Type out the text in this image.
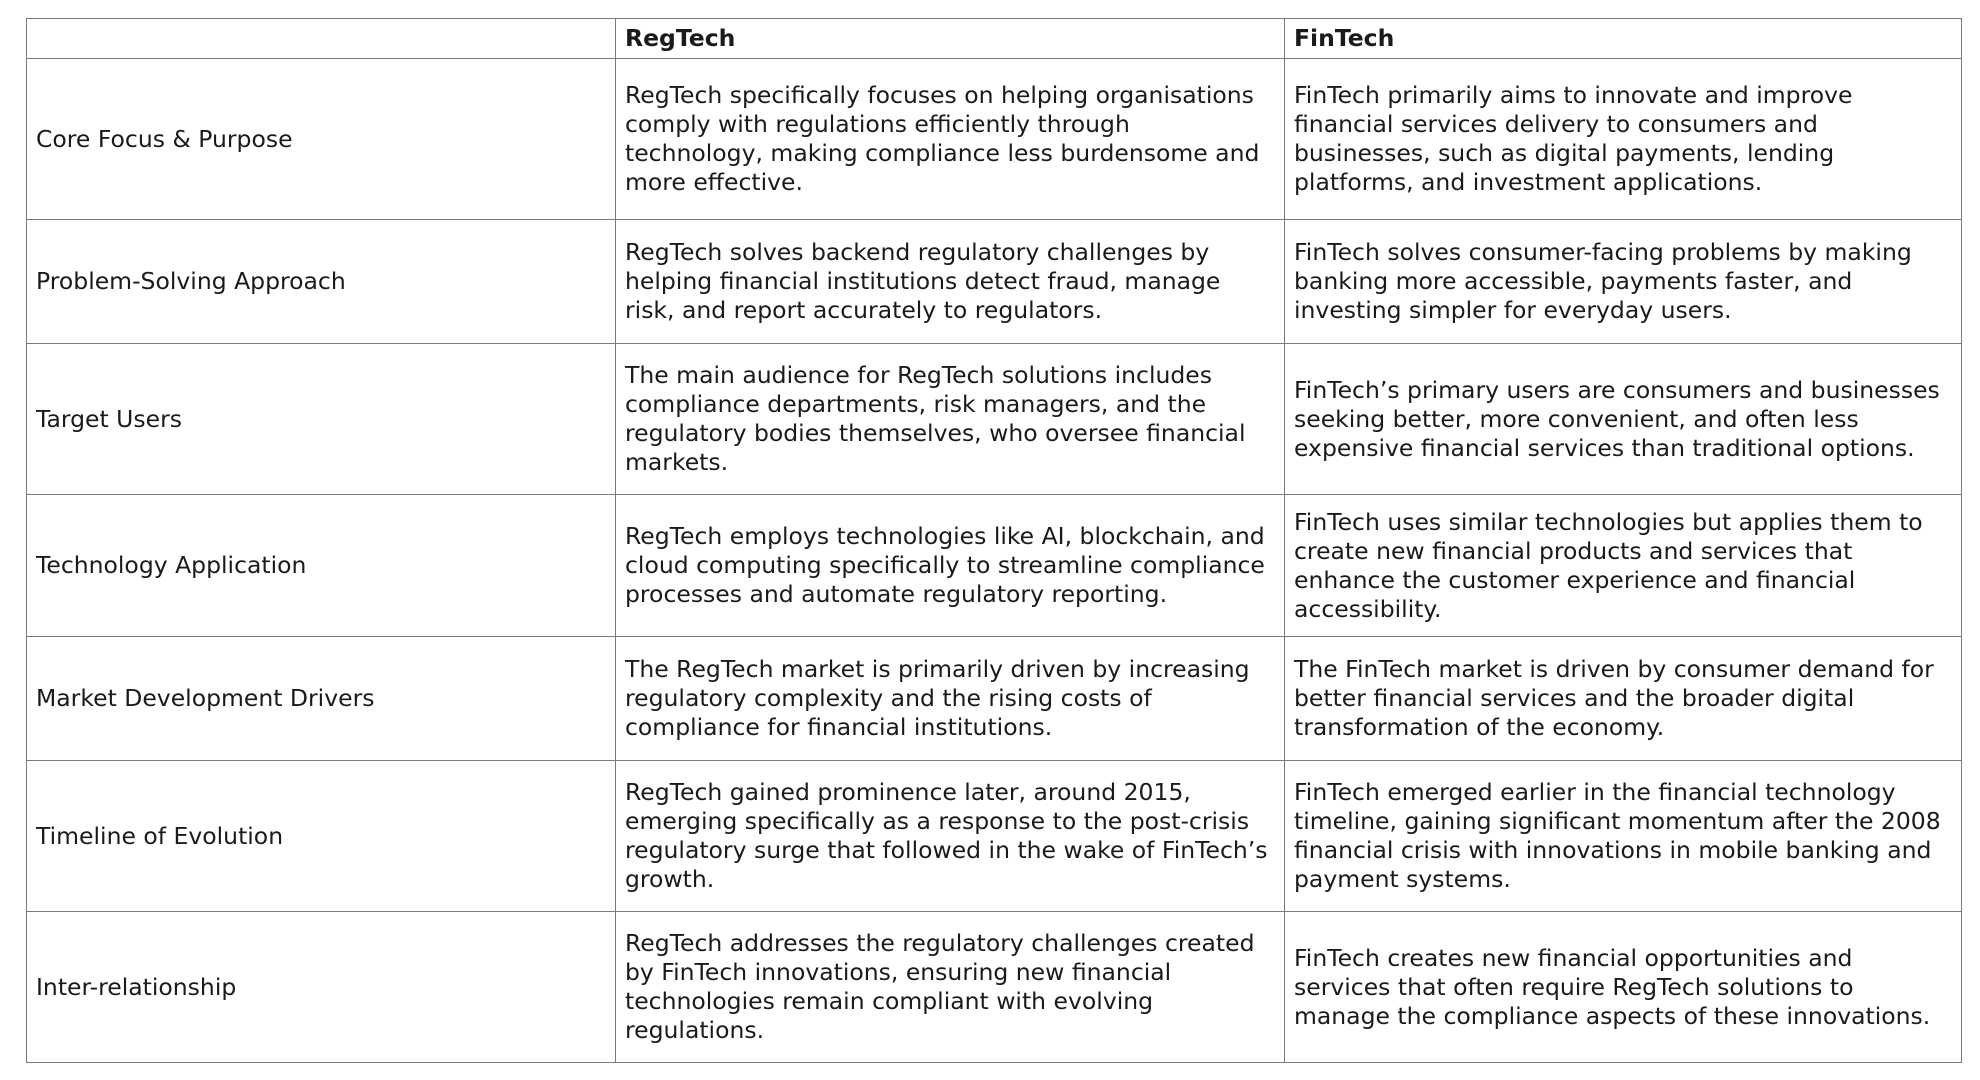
	RegTech	FinTech
Core Focus & Purpose	RegTech specifically focuses on helping organisations comply with regulations efficiently through technology, making compliance less burdensome and more effective.	FinTech primarily aims to innovate and improve financial services delivery to consumers and businesses, such as digital payments, lending platforms, and investment applications.
Problem-Solving Approach	RegTech solves backend regulatory challenges by helping financial institutions detect fraud, manage risk, and report accurately to regulators.	FinTech solves consumer-facing problems by making banking more accessible, payments faster, and investing simpler for everyday users.
Target Users	The main audience for RegTech solutions includes compliance departments, risk managers, and the regulatory bodies themselves, who oversee financial markets.	FinTech’s primary users are consumers and businesses seeking better, more convenient, and often less expensive financial services than traditional options.
Technology Application	RegTech employs technologies like AI, blockchain, and cloud computing specifically to streamline compliance processes and automate regulatory reporting.	FinTech uses similar technologies but applies them to create new financial products and services that enhance the customer experience and financial accessibility.
Market Development Drivers	The RegTech market is primarily driven by increasing regulatory complexity and the rising costs of compliance for financial institutions.	The FinTech market is driven by consumer demand for better financial services and the broader digital transformation of the economy.
Timeline of Evolution	RegTech gained prominence later, around 2015, emerging specifically as a response to the post-crisis regulatory surge that followed in the wake of FinTech’s growth.	FinTech emerged earlier in the financial technology timeline, gaining significant momentum after the 2008 financial crisis with innovations in mobile banking and payment systems.
Inter-relationship	RegTech addresses the regulatory challenges created by FinTech innovations, ensuring new financial technologies remain compliant with evolving regulations.	FinTech creates new financial opportunities and services that often require RegTech solutions to manage the compliance aspects of these innovations.
